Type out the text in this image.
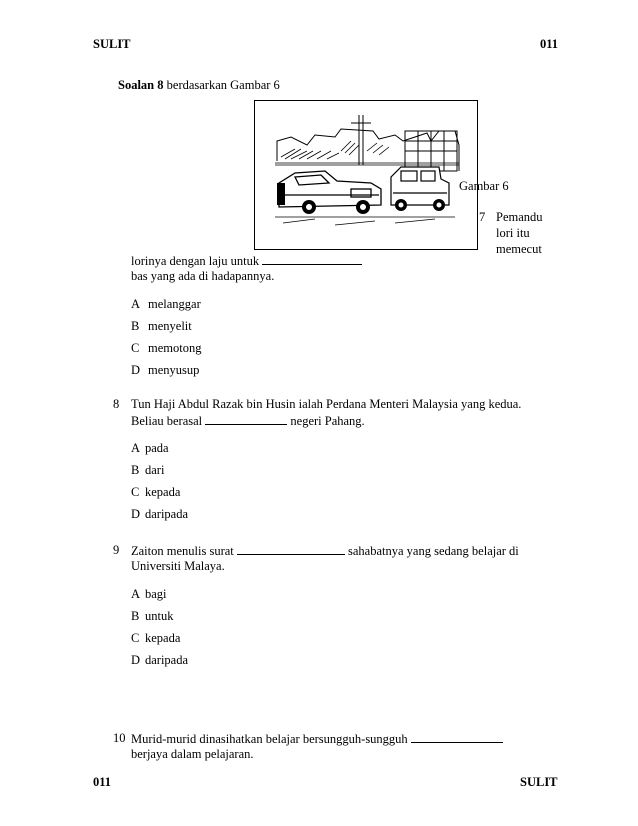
SULIT	011
Soalan 8 berdasarkan Gambar 6
Gambar 6
7 Pemandu
lori itu
memecut
lorinya dengan laju untuk
bas yang ada di hadapannya.
A melanggar
B menyelit
C memotong
D menyusup
8 Tun Haji Abdul Razak bin Husin ialah Perdana Menteri Malaysia yang kedua.
Beliau berasal	negeri Pahang.
A pada
B dari
C kepada
D daripada
9 Zaiton menulis surat	sahabatnya yang sedang belajar di
Universiti Malaya.
A bagi
B untuk
C kepada
D daripada
10 Murid-murid dinasihatkan belajar bersungguh-sungguh
berjaya dalam pelajaran.
011	SULIT
